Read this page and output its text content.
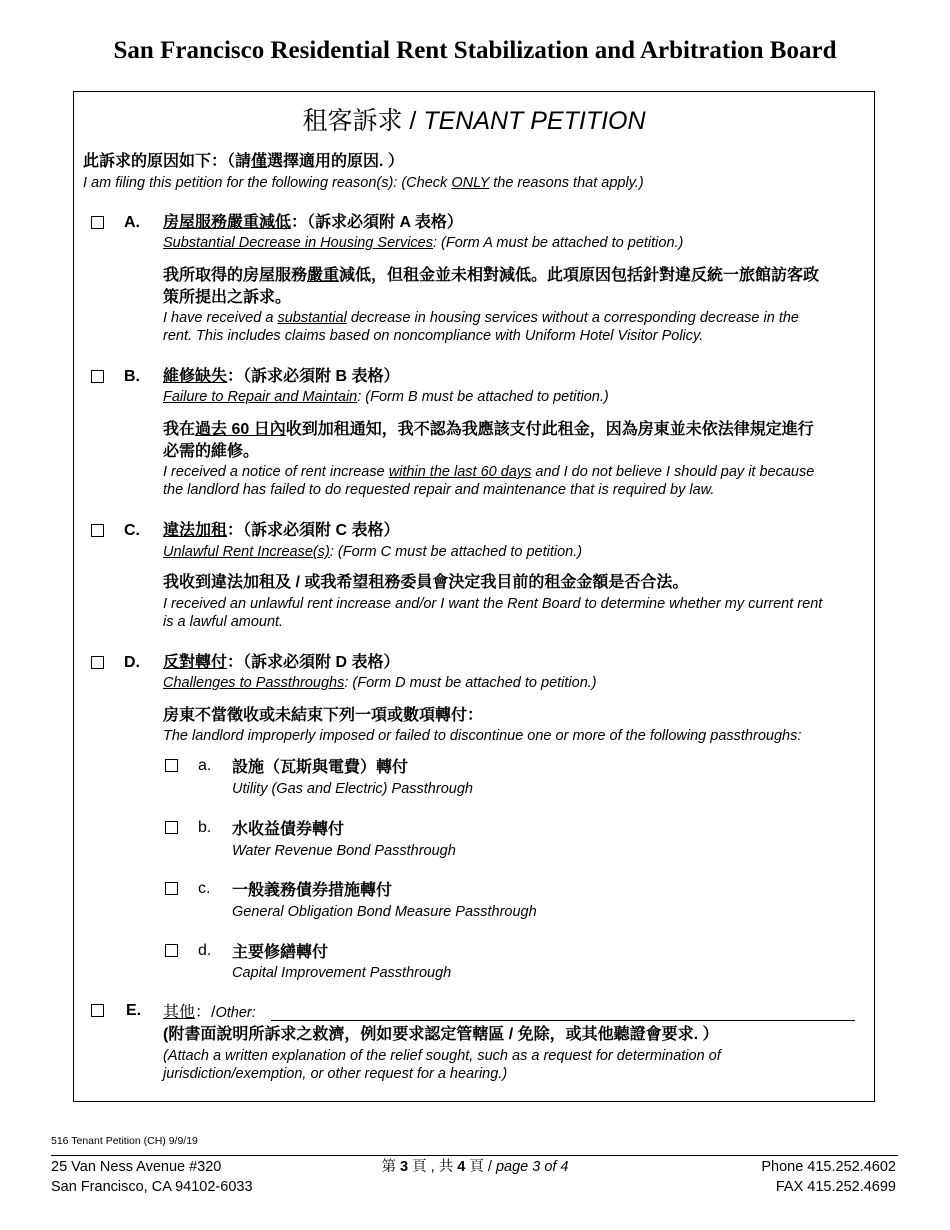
San Francisco Residential Rent Stabilization and Arbitration Board
租客訴求 / TENANT PETITION
此訴求的原因如下：（請僅選擇適用的原因. ）
I am filing this petition for the following reason(s): (Check ONLY the reasons that apply.)
A. 房屋服務嚴重減低：（訴求必須附 A 表格）
Substantial Decrease in Housing Services: (Form A must be attached to petition.)
我所取得的房屋服務嚴重減低，但租金並未相對減低。此項原因包括針對違反統一旅館訪客政
策所提出之訴求。
I have received a substantial decrease in housing services without a corresponding decrease in the
rent. This includes claims based on noncompliance with Uniform Hotel Visitor Policy.
B. 維修缺失：（訴求必須附 B 表格）
Failure to Repair and Maintain: (Form B must be attached to petition.)
我在過去 60 日內收到加租通知，我不認為我應該支付此租金，因為房東並未依法律規定進行
必需的維修。
I received a notice of rent increase within the last 60 days and I do not believe I should pay it because
the landlord has failed to do requested repair and maintenance that is required by law.
C. 違法加租：（訴求必須附 C 表格）
Unlawful Rent Increase(s): (Form C must be attached to petition.)
我收到違法加租及 / 或我希望租務委員會決定我目前的租金金額是否合法。
I received an unlawful rent increase and/or I want the Rent Board to determine whether my current rent
is a lawful amount.
D. 反對轉付：（訴求必須附 D 表格）
Challenges to Passthroughs: (Form D must be attached to petition.)
房東不當徵收或未結束下列一項或數項轉付：
The landlord improperly imposed or failed to discontinue one or more of the following passthroughs:
a. 設施（瓦斯與電費）轉付
Utility (Gas and Electric) Passthrough
b. 水收益債券轉付
Water Revenue Bond Passthrough
c. 一般義務債券措施轉付
General Obligation Bond Measure Passthrough
d. 主要修繕轉付
Capital Improvement Passthrough
E. 其他：/Other:
(附書面說明所訴求之救濟，例如要求認定管轄區 / 免除，或其他聽證會要求. ）
(Attach a written explanation of the relief sought, such as a request for determination of
jurisdiction/exemption, or other request for a hearing.)
516 Tenant Petition (CH) 9/9/19
25 Van Ness Avenue #320
San Francisco, CA 94102-6033
第 3 頁 , 共 4 頁 / page 3 of 4	Phone 415.252.4602
FAX 415.252.4699
